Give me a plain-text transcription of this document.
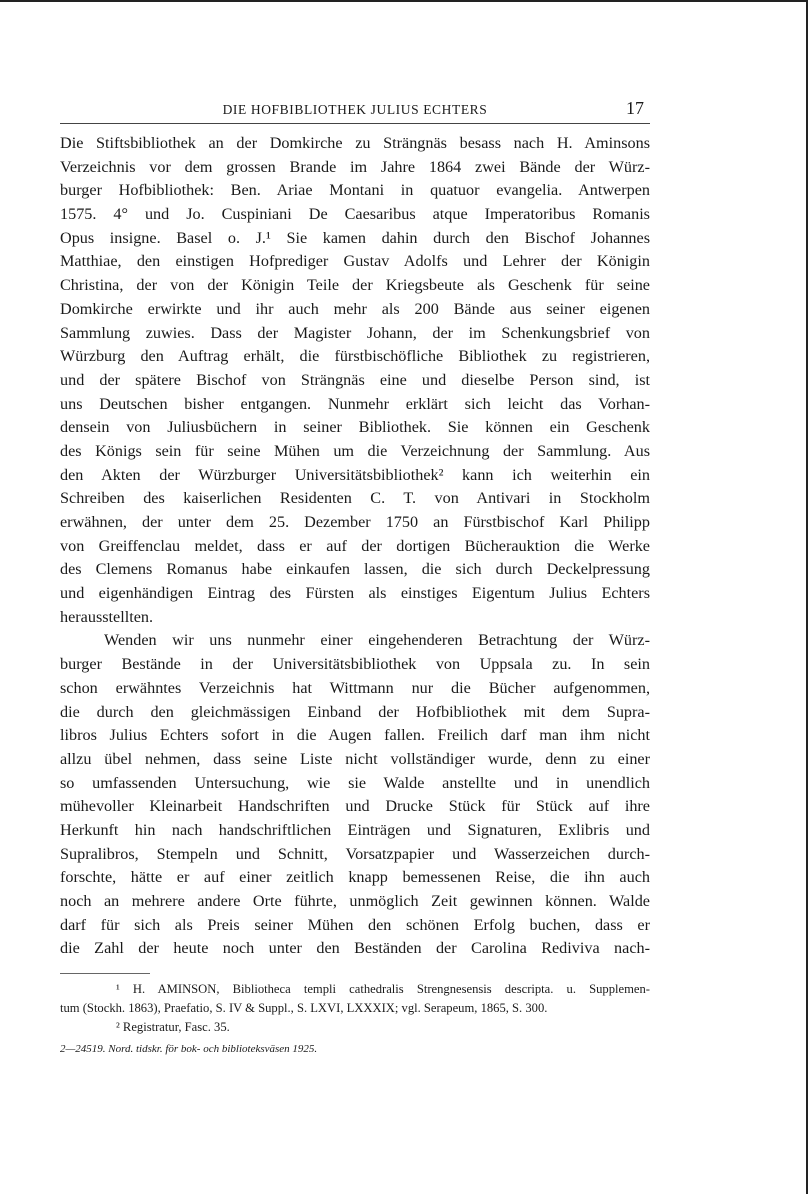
DIE HOFBIBLIOTHEK JULIUS ECHTERS	17
Die Stiftsbibliothek an der Domkirche zu Strängnäs besass nach H. Aminsons
Verzeichnis vor dem grossen Brande im Jahre 1864 zwei Bände der Würz-
burger Hofbibliothek: Ben. Ariae Montani in quatuor evangelia. Antwerpen
1575. 4° und Jo. Cuspiniani De Caesaribus atque Imperatoribus Romanis
Opus insigne. Basel o. J.¹ Sie kamen dahin durch den Bischof Johannes
Matthiae, den einstigen Hofprediger Gustav Adolfs und Lehrer der Königin
Christina, der von der Königin Teile der Kriegsbeute als Geschenk für seine
Domkirche erwirkte und ihr auch mehr als 200 Bände aus seiner eigenen
Sammlung zuwies. Dass der Magister Johann, der im Schenkungsbrief von
Würzburg den Auftrag erhält, die fürstbischöfliche Bibliothek zu registrieren,
und der spätere Bischof von Strängnäs eine und dieselbe Person sind, ist
uns Deutschen bisher entgangen. Nunmehr erklärt sich leicht das Vorhan-
densein von Juliusbüchern in seiner Bibliothek. Sie können ein Geschenk
des Königs sein für seine Mühen um die Verzeichnung der Sammlung. Aus
den Akten der Würzburger Universitätsbibliothek² kann ich weiterhin ein
Schreiben des kaiserlichen Residenten C. T. von Antivari in Stockholm
erwähnen, der unter dem 25. Dezember 1750 an Fürstbischof Karl Philipp
von Greiffenclau meldet, dass er auf der dortigen Bücherauktion die Werke
des Clemens Romanus habe einkaufen lassen, die sich durch Deckelpressung
und eigenhändigen Eintrag des Fürsten als einstiges Eigentum Julius Echters
herausstellten.
Wenden wir uns nunmehr einer eingehenderen Betrachtung der Würz-
burger Bestände in der Universitätsbibliothek von Uppsala zu. In sein
schon erwähntes Verzeichnis hat Wittmann nur die Bücher aufgenommen,
die durch den gleichmässigen Einband der Hofbibliothek mit dem Supra-
libros Julius Echters sofort in die Augen fallen. Freilich darf man ihm nicht
allzu übel nehmen, dass seine Liste nicht vollständiger wurde, denn zu einer
so umfassenden Untersuchung, wie sie Walde anstellte und in unendlich
mühevoller Kleinarbeit Handschriften und Drucke Stück für Stück auf ihre
Herkunft hin nach handschriftlichen Einträgen und Signaturen, Exlibris und
Supralibros, Stempeln und Schnitt, Vorsatzpapier und Wasserzeichen durch-
forschte, hätte er auf einer zeitlich knapp bemessenen Reise, die ihn auch
noch an mehrere andere Orte führte, unmöglich Zeit gewinnen können. Walde
darf für sich als Preis seiner Mühen den schönen Erfolg buchen, dass er
die Zahl der heute noch unter den Beständen der Carolina Rediviva nach-
¹ H. AMINSON, Bibliotheca templi cathedralis Strengnesensis descripta. u. Supplemen-
tum (Stockh. 1863), Praefatio, S. IV & Suppl., S. LXVI, LXXXIX; vgl. Serapeum, 1865, S. 300.
² Registratur, Fasc. 35.
2—24519. Nord. tidskr. för bok- och biblioteksväsen 1925.
